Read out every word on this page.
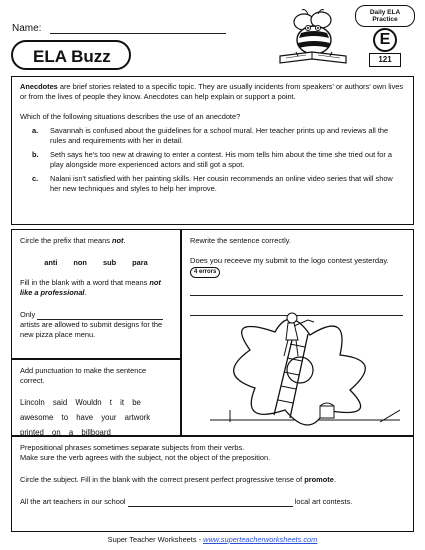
Name:
ELA Buzz
Daily ELA
Practice
E
121

Anecdotes are brief stories related to a specific topic. They are usually incidents from speakers' or authors' own lives or from the lives of people they know. Anecdotes can help explain or support a point.

Which of the following situations describes the use of an anecdote?

a. Savannah is confused about the guidelines for a school mural. Her teacher prints up and reviews all the rules and requirements with her in detail.
b. Seth says he's too new at drawing to enter a contest. His mom tells him about the time she tried out for a play alongside more experienced actors and still got a spot.
c. Nalani isn't satisfied with her painting skills. Her cousin recommends an online video series that will show her new techniques and styles to help her improve.
Circle the prefix that means not.
anti non sub para
Fill in the blank with a word that means not like a professional.
Only
artists are allowed to submit designs for the new pizza place menu.
Add punctuation to make the sentence correct.
Lincoln said Wouldn t it be awesome to have your artwork printed on a billboard
Rewrite the sentence correctly.
Does you receeve my submit to the logo contest yesterday. 4 errors
Prepositional phrases sometimes separate subjects from their verbs.
Make sure the verb agrees with the subject, not the object of the preposition.
Circle the subject. Fill in the blank with the correct present perfect progressive tense of promote.
All the art teachers in our school	local art contests.
Super Teacher Worksheets - www.superteacherworksheets.com
